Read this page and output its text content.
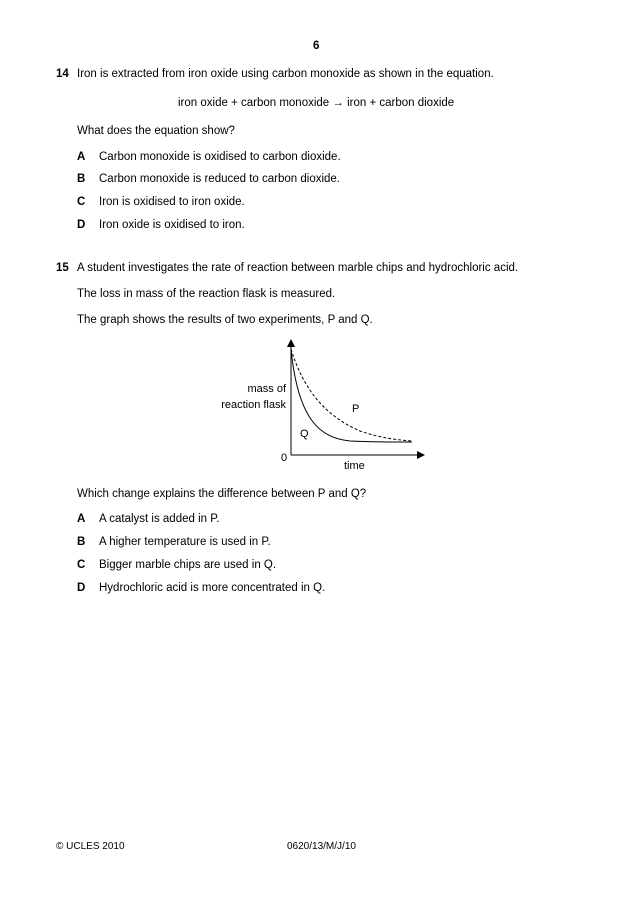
6
14 Iron is extracted from iron oxide using carbon monoxide as shown in the equation.
iron oxide + carbon monoxide → iron + carbon dioxide
What does the equation show?
A Carbon monoxide is oxidised to carbon dioxide.
B Carbon monoxide is reduced to carbon dioxide.
C Iron is oxidised to iron oxide.
D Iron oxide is oxidised to iron.
15 A student investigates the rate of reaction between marble chips and hydrochloric acid.
The loss in mass of the reaction flask is measured.
The graph shows the results of two experiments, P and Q.
mass of
reaction flask	P
Q
0
time
Which change explains the difference between P and Q?
A A catalyst is added in P.
B A higher temperature is used in P.
C Bigger marble chips are used in Q.
D Hydrochloric acid is more concentrated in Q.
© UCLES 2010	0620/13/M/J/10
